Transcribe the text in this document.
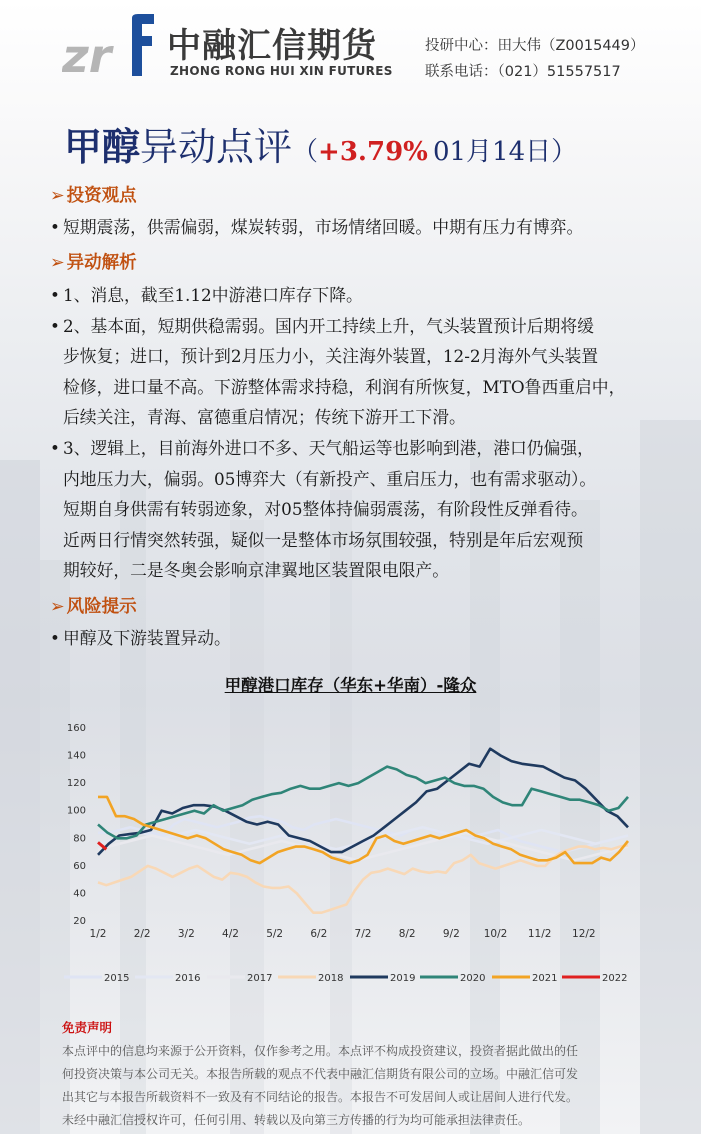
zr 中融汇信期货
ZHONG RONG HUI XIN FUTURES
投研中心：田大伟（Z0015449）
联系电话：（021）51557517
甲醇异动点评（+3.79% 01月14日）
➢ 投资观点
• 短期震荡，供需偏弱，煤炭转弱，市场情绪回暖。中期有压力有博弈。
➢ 异动解析
• 1、消息，截至1.12中游港口库存下降。
• 2、基本面，短期供稳需弱。国内开工持续上升，气头装置预计后期将缓
步恢复；进口，预计到2月压力小，关注海外装置，12-2月海外气头装置
检修，进口量不高。下游整体需求持稳，利润有所恢复，MTO鲁西重启中，
后续关注，青海、富德重启情况；传统下游开工下滑。
• 3、逻辑上，目前海外进口不多、天气船运等也影响到港，港口仍偏强，
内地压力大，偏弱。05博弈大（有新投产、重启压力，也有需求驱动）。
短期自身供需有转弱迹象，对05整体持偏弱震荡，有阶段性反弹看待。
近两日行情突然转强，疑似一是整体市场氛围较强，特别是年后宏观预
期较好，二是冬奥会影响京津翼地区装置限电限产。
➢ 风险提示
• 甲醇及下游装置异动。
甲醇港口库存（华东+华南）-隆众
20
40
60
80
100
120
140
160
1/2	2/2	3/2	4/2	5/2	6/2	7/2	8/2	9/2 10/2 11/2 12/2
2015	2016	2017	2018	2019	2020	2021	2022
免责声明
本点评中的信息均来源于公开资料，仅作参考之用。本点评不构成投资建议，投资者据此做出的任
何投资决策与本公司无关。本报告所载的观点不代表中融汇信期货有限公司的立场。中融汇信可发
出其它与本报告所载资料不一致及有不同结论的报告。本报告不可发居间人或让居间人进行代发。
未经中融汇信授权许可，任何引用、转载以及向第三方传播的行为均可能承担法律责任。
